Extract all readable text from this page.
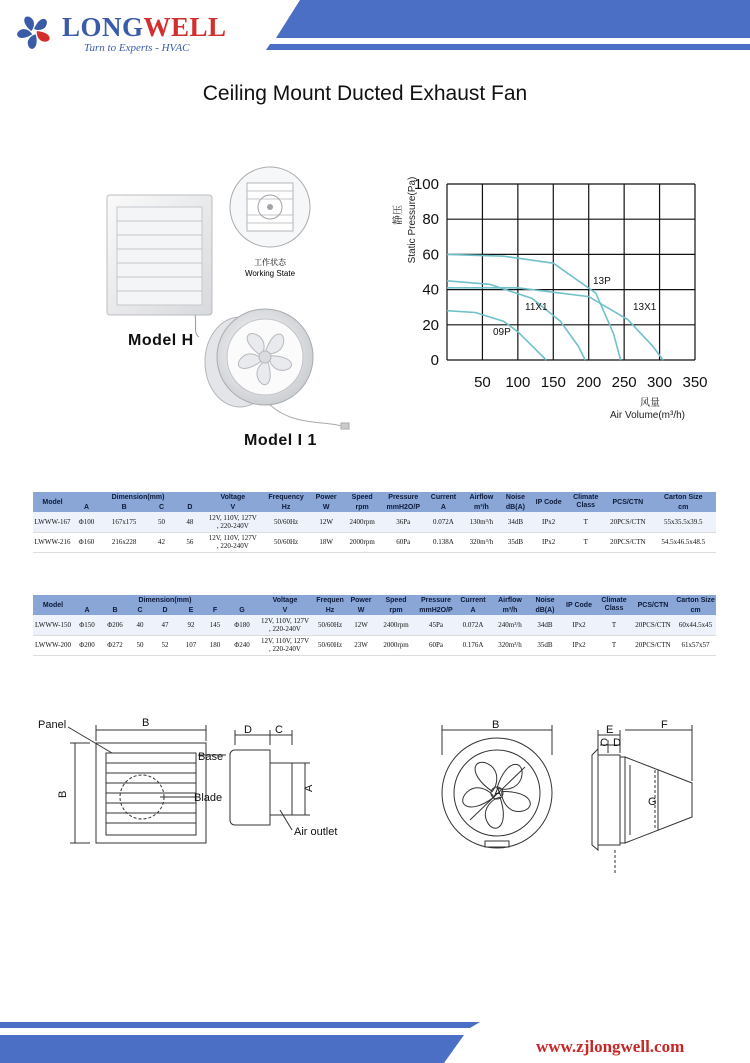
LONGWELL
Turn to Experts - HVAC
Ceiling Mount Ducted Exhaust Fan
工作状态
Working State
Model H
Model I 1
100
80
60
40
20
0
50 100 150 200 250 300 350
09P
11X1
13P
13X1
静压 Static Pressure(Pa)
风量
Air Volume(m³/h)
Model	Dimension(mm)				Voltage	Frequency	Power	Speed	Pressure	Current	Airflow	Noise	IP Code	Climate Class	PCS/CTN	Carton Size
	A	B	C	D	V	Hz	W	rpm	mmH2O/P	A	m³/h	dB(A)				cm
LWWW-167	Φ100	167x175	50	48	12V, 110V, 127V
, 220-240V	50/60Hz	12W	2400rpm	36Pa	0.072A	130m³/h	34dB	IPx2	T	20PCS/CTN	55x35.5x39.5
LWWW-216	Φ160	216x228	42	56	12V, 110V, 127V
, 220-240V	50/60Hz	18W	2000rpm	60Pa	0.138A	320m³/h	35dB	IPx2	T	20PCS/CTN	54.5x46.5x48.5
Model	Dimension(mm)							Voltage	Frequen	Power	Speed	Pressure	Current	Airflow	Noise	IP Code	Climate Class	PCS/CTN	Carton Size
	A	B	C	D	E	F	G	V	Hz	W	rpm	mmH2O/P	A	m³/h	dB(A)				cm
LWWW-150	Φ150	Φ206	40	47	92	145	Φ180	12V, 110V, 127V
, 220-240V	50/60Hz	12W	2400rpm	45Pa	0.072A	240m³/h	34dB	IPx2	T	20PCS/CTN	60x44.5x45
LWWW-200	Φ200	Φ272	50	52	107	180	Φ240	12V, 110V, 127V
, 220-240V	50/60Hz	23W	2000rpm	60Pa	0.176A	320m³/h	35dB	IPx2	T	20PCS/CTN	61x57x57
Panel	B
B
Base
Blade
D C
A
Air outlet
B
A
E
C D
F
G
www.zjlongwell.com
